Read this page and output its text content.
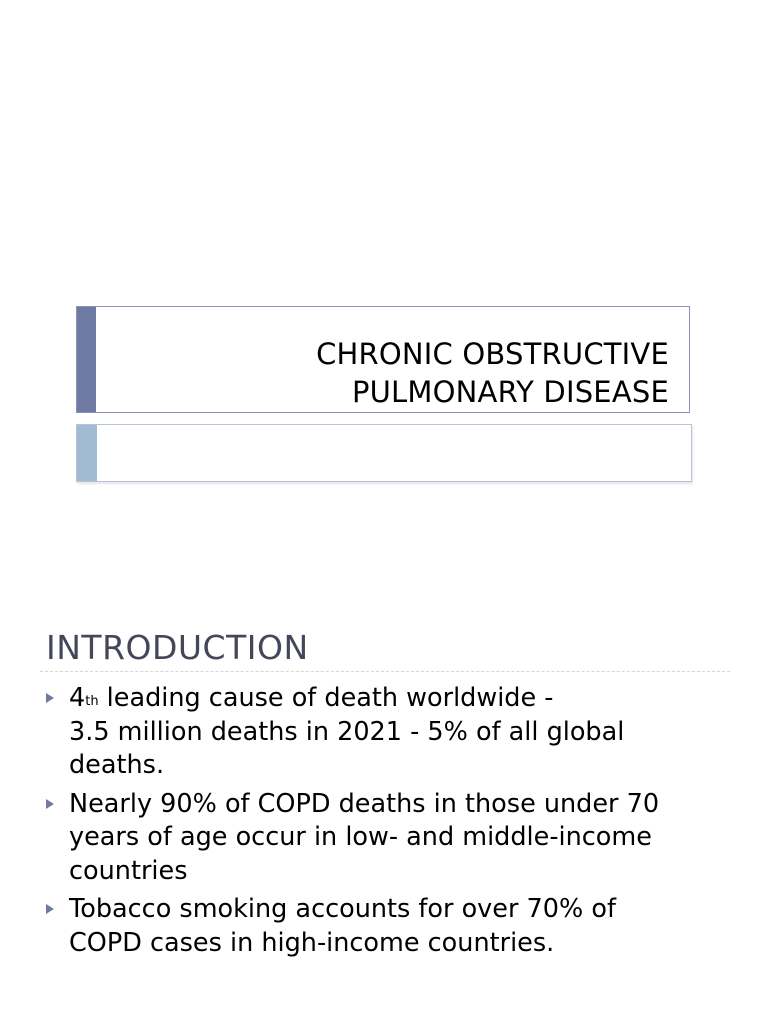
CHRONIC OBSTRUCTIVE
PULMONARY DISEASE
INTRODUCTION
4th leading cause of death worldwide -
3.5 million deaths in 2021 - 5% of all global
deaths.
Nearly 90% of COPD deaths in those under 70
years of age occur in low- and middle-income
countries
Tobacco smoking accounts for over 70% of
COPD cases in high-income countries.
